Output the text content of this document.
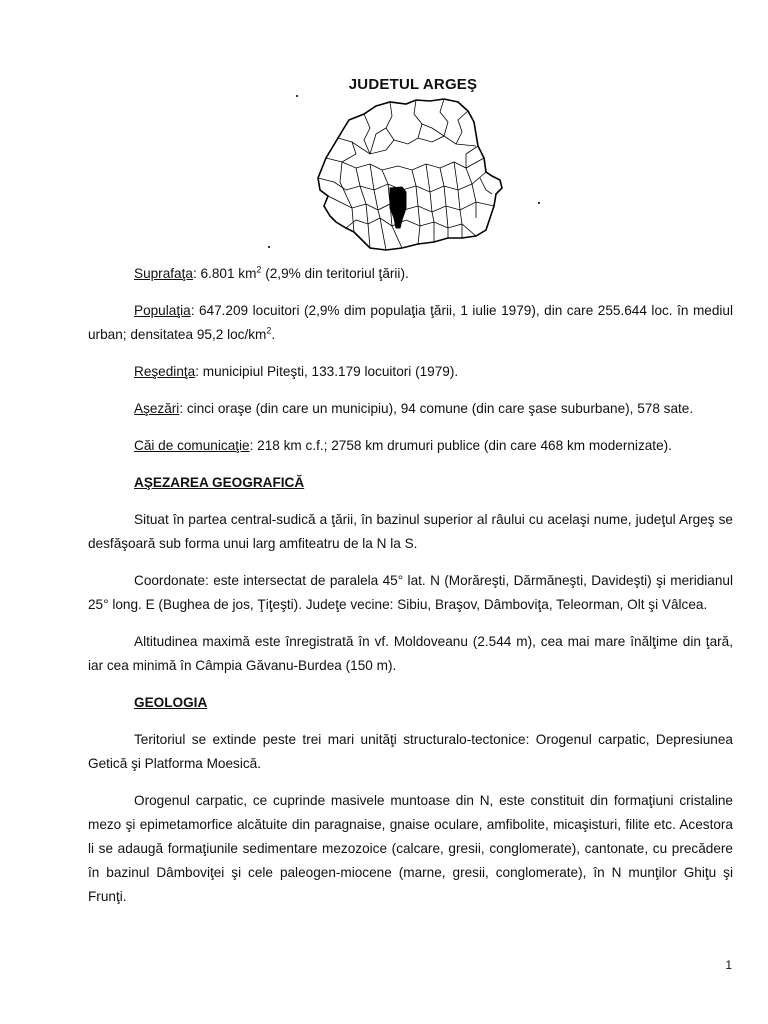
JUDETUL ARGEŞ

Suprafaţa: 6.801 $km^2$ (2,9% din teritoriul ţării).

Populaţia: 647.209 locuitori (2,9% dim populaţia ţării, 1 iulie 1979), din care 255.644 loc. în mediul urban; densitatea 95,2 loc/$km^2$.

Reşedinţa: municipiul Piteşti, 133.179 locuitori (1979).

Aşezări: cinci oraşe (din care un municipiu), 94 comune (din care şase suburbane), 578 sate.

Căi de comunicaţie: 218 km c.f.; 2758 km drumuri publice (din care 468 km modernizate).

AŞEZAREA GEOGRAFICĂ

Situat în partea central-sudică a ţării, în bazinul superior al râului cu acelaşi nume, judeţul Argeş se desfăşoară sub forma unui larg amfiteatru de la N la S.

Coordonate: este intersectat de paralela 45° lat. N (Morăreşti, Dărmăneşti, Davideşti) şi meridianul 25° long. E (Bughea de jos, Ţiţeşti). Judeţe vecine: Sibiu, Braşov, Dâmboviţa, Teleorman, Olt şi Vâlcea.

Altitudinea maximă este înregistrată în vf. Moldoveanu (2.544 m), cea mai mare înălţime din ţară, iar cea minimă în Câmpia Găvanu-Burdea (150 m).

GEOLOGIA

Teritoriul se extinde peste trei mari unităţi structuralo-tectonice: Orogenul carpatic, Depresiunea Getică şi Platforma Moesică.

Orogenul carpatic, ce cuprinde masivele muntoase din N, este constituit din formaţiuni cristaline mezo şi epimetamorfice alcătuite din paragnaise, gnaise oculare, amfibolite, micaşisturi, filite etc. Acestora li se adaugă formaţiunile sedimentare mezozoice (calcare, gresii, conglomerate), cantonate, cu precădere în bazinul Dâmboviţei şi cele paleogen-miocene (marne, gresii, conglomerate), în N munţilor Ghiţu şi Frunţi.

1
